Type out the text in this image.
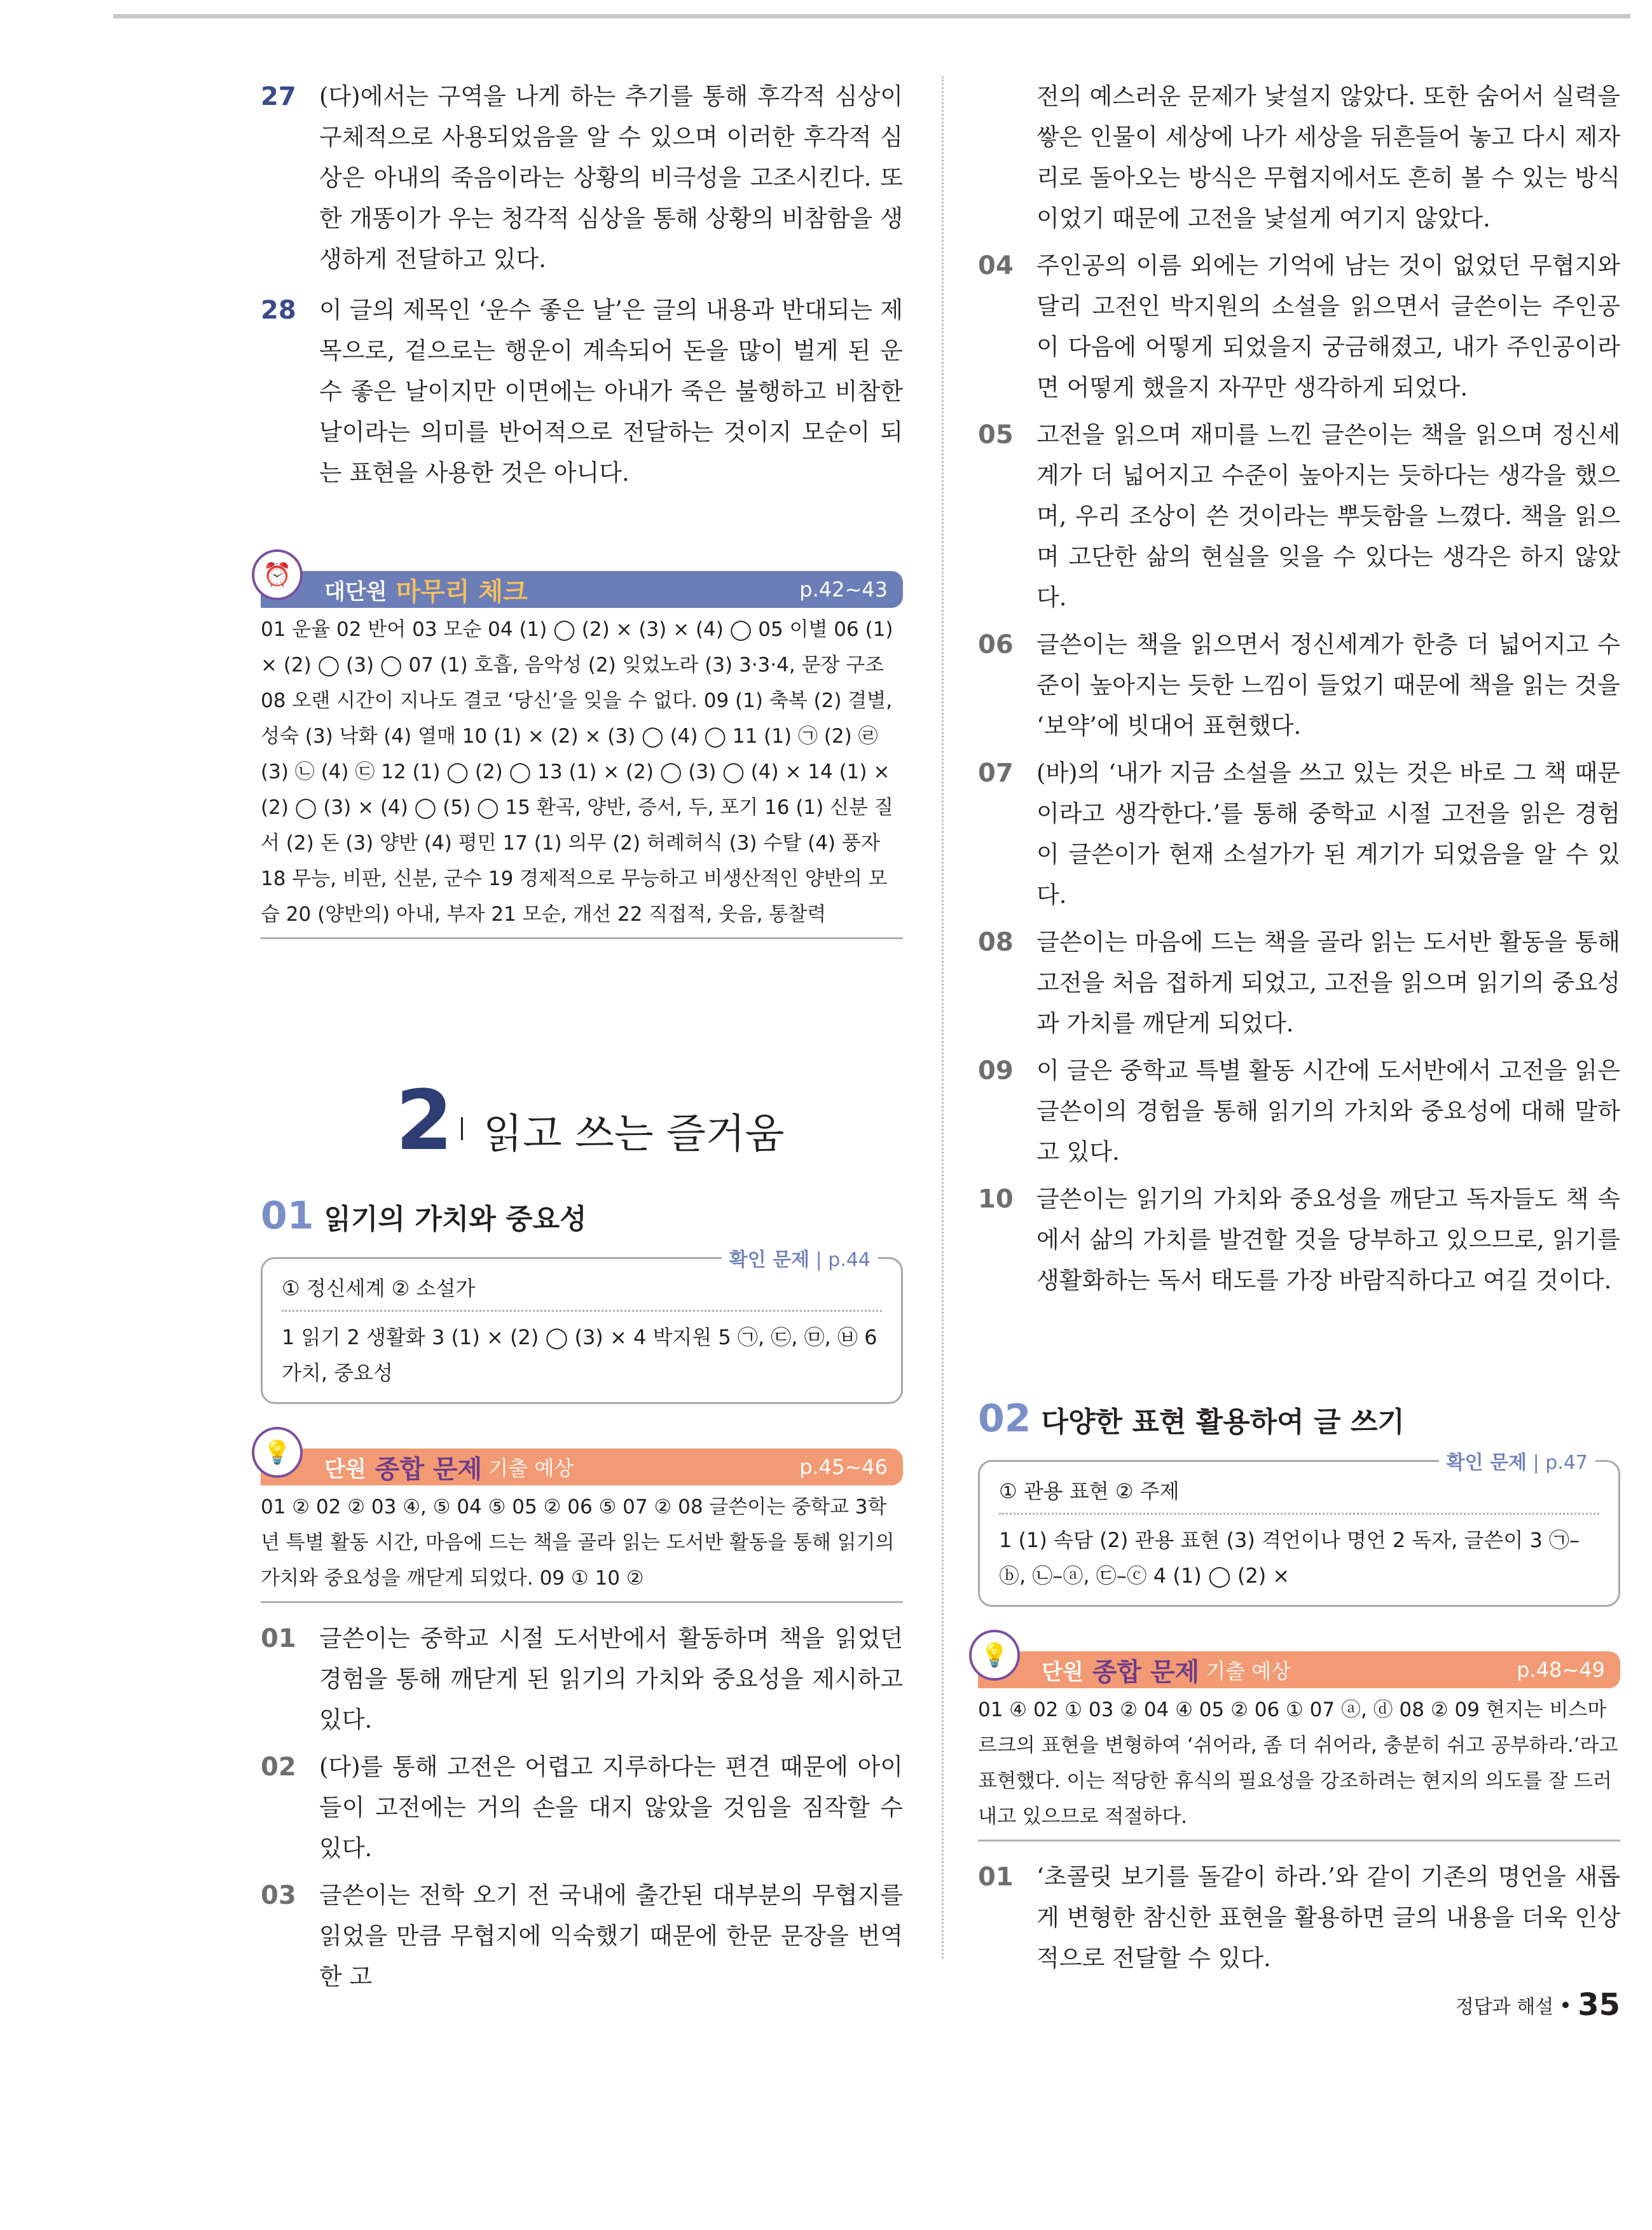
27 (다)에서는 구역을 나게 하는 추기를 통해 후각적 심상이 구체적으로 사용되었음을 알 수 있으며 이러한 후각적 심상은 아내의 죽음이라는 상황의 비극성을 고조시킨다. 또한 개똥이가 우는 청각적 심상을 통해 상황의 비참함을 생생하게 전달하고 있다.
28 이 글의 제목인 ‘운수 좋은 날’은 글의 내용과 반대되는 제목으로, 겉으로는 행운이 계속되어 돈을 많이 벌게 된 운수 좋은 날이지만 이면에는 아내가 죽은 불행하고 비참한 날이라는 의미를 반어적으로 전달하는 것이지 모순이 되는 표현을 사용한 것은 아니다.
⏰
대단원 마무리 체크	p.42~43
01 운율 02 반어 03 모순 04 (1) ◯ (2) × (3) × (4) ◯ 05 이별 06 (1) × (2) ◯ (3) ◯ 07 (1) 호흡, 음악성 (2) 잊었노라 (3) 3·3·4, 문장 구조 08 오랜 시간이 지나도 결코 ‘당신’을 잊을 수 없다. 09 (1) 축복 (2) 결별, 성숙 (3) 낙화 (4) 열매 10 (1) × (2) × (3) ◯ (4) ◯ 11 (1) ㉠ (2) ㉣ (3) ㉡ (4) ㉢ 12 (1) ◯ (2) ◯ 13 (1) × (2) ◯ (3) ◯ (4) × 14 (1) × (2) ◯ (3) × (4) ◯ (5) ◯ 15 환곡, 양반, 증서, 두, 포기 16 (1) 신분 질서 (2) 돈 (3) 양반 (4) 평민 17 (1) 의무 (2) 허례허식 (3) 수탈 (4) 풍자 18 무능, 비판, 신분, 군수 19 경제적으로 무능하고 비생산적인 양반의 모습 20 (양반의) 아내, 부자 21 모순, 개선 22 직접적, 웃음, 통찰력
2 읽고 쓰는 즐거움
01 읽기의 가치와 중요성
확인 문제 | p.44
① 정신세계 ② 소설가
1 읽기 2 생활화 3 (1) × (2) ◯ (3) × 4 박지원 5 ㉠, ㉢, ㉤, ㉥ 6 가치, 중요성
💡
단원 종합 문제 기출 예상	p.45~46
01 ② 02 ② 03 ④, ⑤ 04 ⑤ 05 ② 06 ⑤ 07 ② 08 글쓴이는 중학교 3학년 특별 활동 시간, 마음에 드는 책을 골라 읽는 도서반 활동을 통해 읽기의 가치와 중요성을 깨닫게 되었다. 09 ① 10 ②
01 글쓴이는 중학교 시절 도서반에서 활동하며 책을 읽었던 경험을 통해 깨닫게 된 읽기의 가치와 중요성을 제시하고 있다.
02 (다)를 통해 고전은 어렵고 지루하다는 편견 때문에 아이들이 고전에는 거의 손을 대지 않았을 것임을 짐작할 수 있다.
03 글쓴이는 전학 오기 전 국내에 출간된 대부분의 무협지를 읽었을 만큼 무협지에 익숙했기 때문에 한문 문장을 번역한 고
전의 예스러운 문제가 낯설지 않았다. 또한 숨어서 실력을 쌓은 인물이 세상에 나가 세상을 뒤흔들어 놓고 다시 제자리로 돌아오는 방식은 무협지에서도 흔히 볼 수 있는 방식이었기 때문에 고전을 낯설게 여기지 않았다.
04 주인공의 이름 외에는 기억에 남는 것이 없었던 무협지와 달리 고전인 박지원의 소설을 읽으면서 글쓴이는 주인공이 다음에 어떻게 되었을지 궁금해졌고, 내가 주인공이라면 어떻게 했을지 자꾸만 생각하게 되었다.
05 고전을 읽으며 재미를 느낀 글쓴이는 책을 읽으며 정신세계가 더 넓어지고 수준이 높아지는 듯하다는 생각을 했으며, 우리 조상이 쓴 것이라는 뿌듯함을 느꼈다. 책을 읽으며 고단한 삶의 현실을 잊을 수 있다는 생각은 하지 않았다.
06 글쓴이는 책을 읽으면서 정신세계가 한층 더 넓어지고 수준이 높아지는 듯한 느낌이 들었기 때문에 책을 읽는 것을 ‘보약’에 빗대어 표현했다.
07 (바)의 ‘내가 지금 소설을 쓰고 있는 것은 바로 그 책 때문이라고 생각한다.’를 통해 중학교 시절 고전을 읽은 경험이 글쓴이가 현재 소설가가 된 계기가 되었음을 알 수 있다.
08 글쓴이는 마음에 드는 책을 골라 읽는 도서반 활동을 통해 고전을 처음 접하게 되었고, 고전을 읽으며 읽기의 중요성과 가치를 깨닫게 되었다.
09 이 글은 중학교 특별 활동 시간에 도서반에서 고전을 읽은 글쓴이의 경험을 통해 읽기의 가치와 중요성에 대해 말하고 있다.
10 글쓴이는 읽기의 가치와 중요성을 깨닫고 독자들도 책 속에서 삶의 가치를 발견할 것을 당부하고 있으므로, 읽기를 생활화하는 독서 태도를 가장 바람직하다고 여길 것이다.
02 다양한 표현 활용하여 글 쓰기
확인 문제 | p.47
① 관용 표현 ② 주제
1 (1) 속담 (2) 관용 표현 (3) 격언이나 명언 2 독자, 글쓴이 3 ㉠–ⓑ, ㉡–ⓐ, ㉢–ⓒ 4 (1) ◯ (2) ×
💡
단원 종합 문제 기출 예상	p.48~49
01 ④ 02 ① 03 ② 04 ④ 05 ② 06 ① 07 ⓐ, ⓓ 08 ② 09 현지는 비스마르크의 표현을 변형하여 ‘쉬어라, 좀 더 쉬어라, 충분히 쉬고 공부하라.’라고 표현했다. 이는 적당한 휴식의 필요성을 강조하려는 현지의 의도를 잘 드러내고 있으므로 적절하다.
01 ‘초콜릿 보기를 돌같이 하라.’와 같이 기존의 명언을 새롭게 변형한 참신한 표현을 활용하면 글의 내용을 더욱 인상적으로 전달할 수 있다.
정답과 해설 35
